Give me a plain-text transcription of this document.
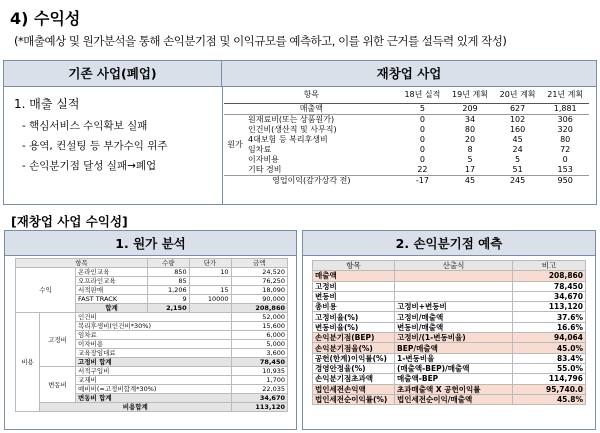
4) 수익성
(*매출예상 및 원가분석을 통해 손익분기점 및 이익규모를 예측하고, 이를 위한 근거를 설득력 있게 작성)
기존 사업(폐업)	재창업 사업
1. 매출 실적
- 핵심서비스 수익확보 실패
- 용역, 컨설팅 등 부가수익 위주
- 손익분기점 달성 실패→폐업
항목		18년 실적	19년 계획	20년 계획	21년 계획
매출액		5	209	627	1,881
원가	원재료비(또는 상품원가)	0	34	102	306
	인건비(생산직 및 사무직)	0	80	160	320
	4대보험 등 복리후생비	0	20	45	80
	임차료	0	8	24	72
	이자비용	0	5	5	0
	기타 경비	22	17	51	153
영업이익(감가상각 전)		-17	45	245	950
[재창업 사업 수익성]
1. 원가 분석
항목			수량	단가	금액
수익		온라인교육	850	10	24,520
		오프라인교육	85		76,250
		서적판매	1,206	15	18,090
		FAST TRACK	9	10000	90,000
		합계	2,150		208,860
비용	고정비	인건비			52,000
		복리후생비(인건비*30%)			15,600
		임차료			6,000
		이자비용			5,000
		교육장임대료			3,600
		고정비 합계			78,450
	변동비	서적구입비			10,935
		교재비			1,700
		예비비(=고정비합계*30%)			22,035
		변동비 합계			34,670
	비용합계				113,120
2. 손익분기점 예측
항목	산출식	비고
매출액		208,860
고정비		78,450
변동비		34,670
총비용	고정비+변동비	113,120
고정비율(%)	고정비/매출액	37.6%
변동비율(%)	변동비/매출액	16.6%
손익분기점(BEP)	고정비/(1-변동비율)	94,064
손익분기점율(%)	BEP/매출액	45.0%
공헌(한계)이익률(%)	1-변동비율	83.4%
경영안정율(%)	(매출액-BEP)/매출액	55.0%
손익분기점초과액	매출액-BEP	114,796
법인세전손익액	초과매출액 X 공헌이익률	95,740.0
법인세전순이익률(%)	법인세전순이익/매출액	45.8%
